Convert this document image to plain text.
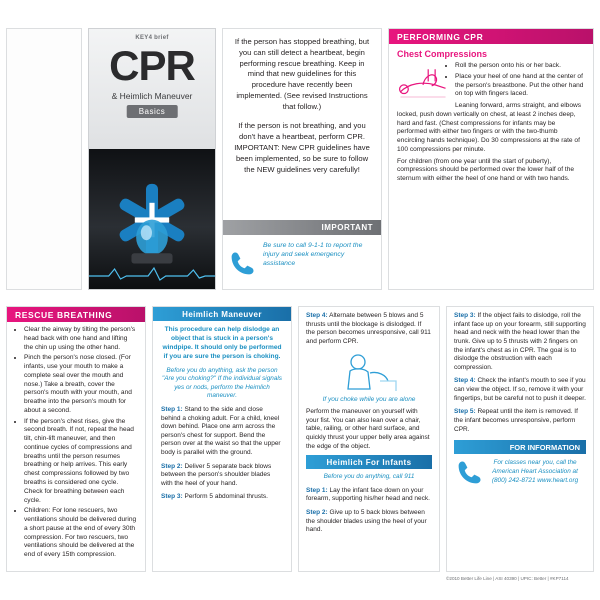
KEY4 brief
CPR
& Heimlich Maneuver
Basics

If the person has stopped breathing, but you can still detect a heartbeat, begin performing rescue breathing. Keep in mind that new guidelines for this procedure have recently been implemented. (See revised Instructions that follow.)

If the person is not breathing, and you don't have a heartbeat, perform CPR. IMPORTANT: New CPR guidelines have been implemented, so be sure to follow the NEW guidelines very carefully!

IMPORTANT
Be sure to call 9-1-1 to report the injury and seek emergency assistance
PERFORMING CPR
Chest Compressions
• Roll the person onto his or her back.
• Place your heel of one hand at the center of the person's breastbone. Put the other hand on top with fingers laced.

Leaning forward, arms straight, and elbows locked, push down vertically on chest, at least 2 inches deep, hard and fast. (Chest compressions for infants may be performed with either two fingers or with the two-thumb encircling hands technique). Do 30 compressions at the rate of 100 compressions per minute.

For children (from one year until the start of puberty), compressions should be performed over the lower half of the sternum with either the heel of one hand or with two hands.

RESCUE BREATHING
• Clear the airway by tilting the person's head back with one hand and lifting the chin up using the other hand.
• Pinch the person's nose closed. (For infants, use your mouth to make a complete seal over the mouth and nose.) Take a breath, cover the person's mouth with your mouth, and breathe into the person's mouth for about a second.
• If the person's chest rises, give the second breath. If not, repeat the head tilt, chin-lift maneuver, and then continue cycles of compressions and breaths until the person resumes breathing or help arrives. This early chest compressions followed by two breaths is considered one cycle. Check for breathing between each cycle.
• Children: For lone rescuers, two ventilations should be delivered during a short pause at the end of every 30th compression. For two rescuers, two ventilations should be delivered at the end of every 15th compression.
Heimlich Maneuver
This procedure can help dislodge an object that is stuck in a person's windpipe. It should only be performed if you are sure the person is choking.
Before you do anything, ask the person "Are you choking?" If the individual signals yes or nods, perform the Heimlich maneuver.
Step 1: Stand to the side and close behind a choking adult. For a child, kneel down behind. Place one arm across the person's chest for support. Bend the person over at the waist so that the upper body is parallel with the ground.
Step 2: Deliver 5 separate back blows between the person's shoulder blades with the heel of your hand.
Step 3: Perform 5 abdominal thrusts.

Step 4: Alternate between 5 blows and 5 thrusts until the blockage is dislodged. If the person becomes unresponsive, call 911 and perform CPR.

If you choke while you are alone

Perform the maneuver on yourself with your fist. You can also lean over a chair, table, railing, or other hard surface, and quickly thrust your upper belly area against the edge of the object.

Heimlich For Infants
Before you do anything, call 911
Step 1: Lay the infant face down on your forearm, supporting his/her head and neck.
Step 2: Give up to 5 back blows between the shoulder blades using the heel of your hand.

Step 3: If the object fails to dislodge, roll the infant face up on your forearm, still supporting head and neck with the head lower than the trunk. Give up to 5 thrusts with 2 fingers on the infant's chest as in CPR. The goal is to dislodge the obstruction with each compression.

Step 4: Check the infant's mouth to see if you can view the object. If so, remove it with your fingertips, but be careful not to push it deeper.

Step 5: Repeat until the item is removed. If the infant becomes unresponsive, perform CPR.

FOR INFORMATION
For classes near you, call the American Heart Association at (800) 242-8721 www.heart.org
©2010 Better Life Line | ASI 40390 | UPIC: Better | #KP7114
